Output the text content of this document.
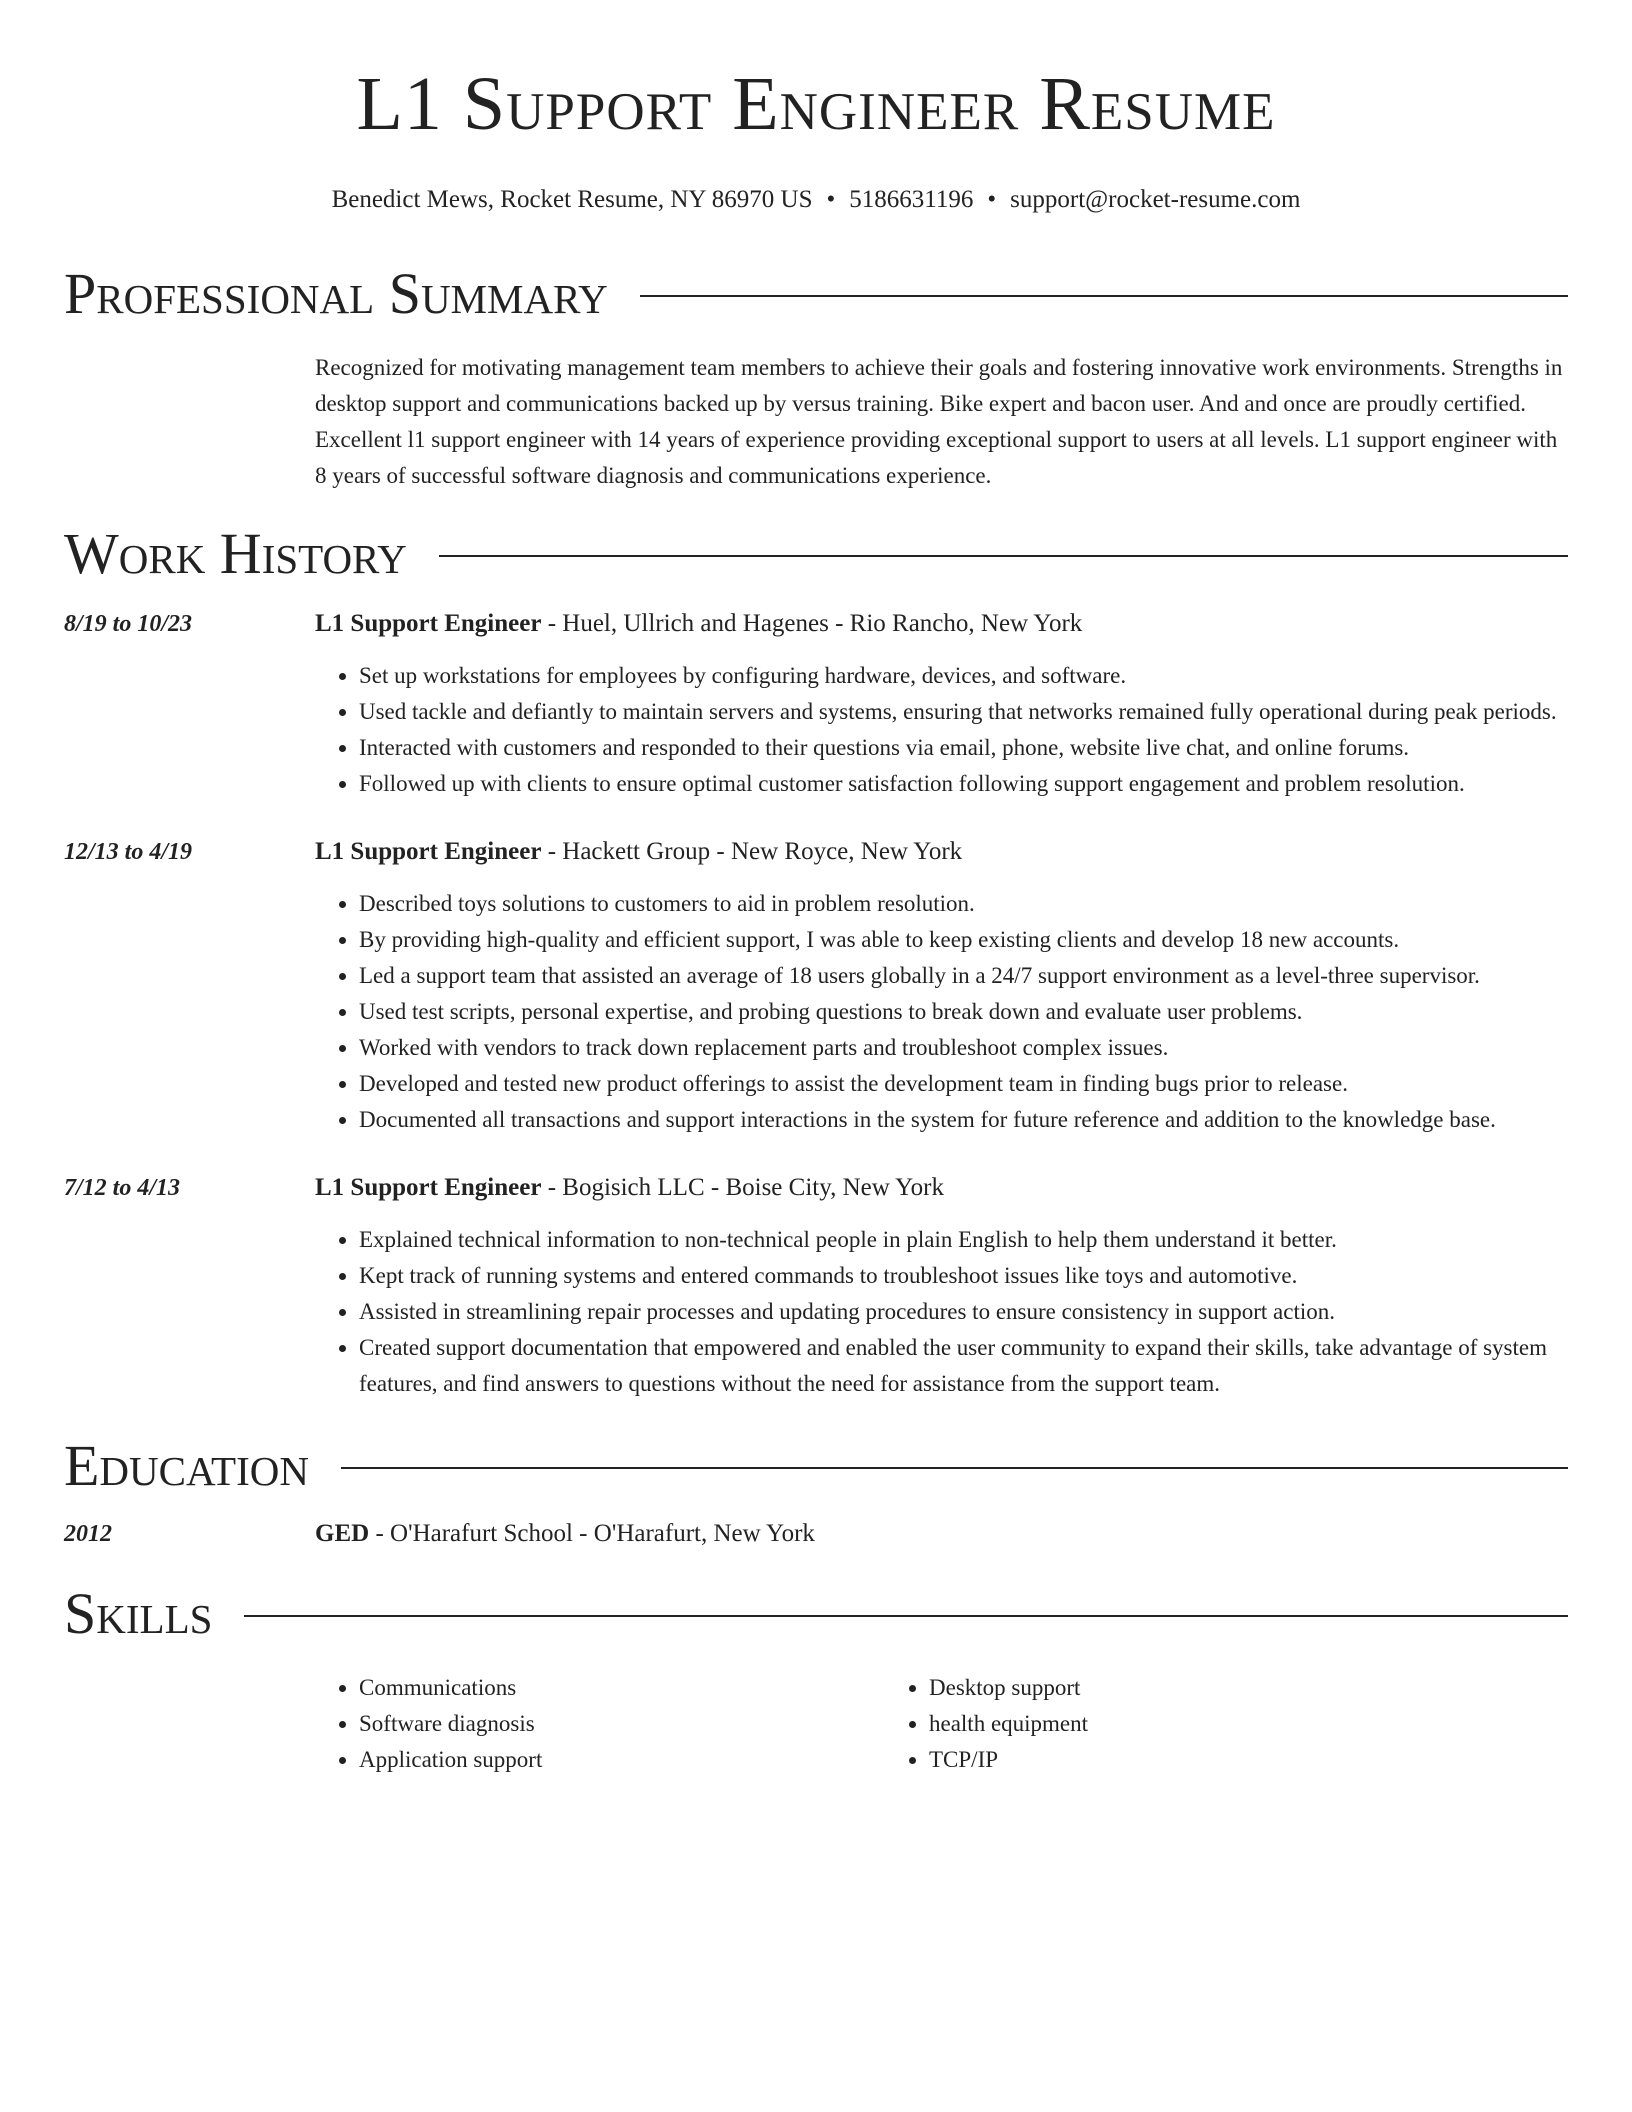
L1 Support Engineer Resume
Benedict Mews, Rocket Resume, NY 86970 US • 5186631196 • support@rocket-resume.com
Professional Summary
Recognized for motivating management team members to achieve their goals and fostering innovative work environments. Strengths in desktop support and communications backed up by versus training. Bike expert and bacon user. And and once are proudly certified. Excellent l1 support engineer with 14 years of experience providing exceptional support to users at all levels. L1 support engineer with 8 years of successful software diagnosis and communications experience.
Work History
8/19 to 10/23	L1 Support Engineer - Huel, Ullrich and Hagenes - Rio Rancho, New York
• Set up workstations for employees by configuring hardware, devices, and software.
• Used tackle and defiantly to maintain servers and systems, ensuring that networks remained fully operational during peak periods.
• Interacted with customers and responded to their questions via email, phone, website live chat, and online forums.
• Followed up with clients to ensure optimal customer satisfaction following support engagement and problem resolution.
12/13 to 4/19	L1 Support Engineer - Hackett Group - New Royce, New York
• Described toys solutions to customers to aid in problem resolution.
• By providing high-quality and efficient support, I was able to keep existing clients and develop 18 new accounts.
• Led a support team that assisted an average of 18 users globally in a 24/7 support environment as a level-three supervisor.
• Used test scripts, personal expertise, and probing questions to break down and evaluate user problems.
• Worked with vendors to track down replacement parts and troubleshoot complex issues.
• Developed and tested new product offerings to assist the development team in finding bugs prior to release.
• Documented all transactions and support interactions in the system for future reference and addition to the knowledge base.
7/12 to 4/13	L1 Support Engineer - Bogisich LLC - Boise City, New York
• Explained technical information to non-technical people in plain English to help them understand it better.
• Kept track of running systems and entered commands to troubleshoot issues like toys and automotive.
• Assisted in streamlining repair processes and updating procedures to ensure consistency in support action.
• Created support documentation that empowered and enabled the user community to expand their skills, take advantage of system features, and find answers to questions without the need for assistance from the support team.
Education
2012	GED - O'Harafurt School - O'Harafurt, New York
Skills
• Communications
• Software diagnosis
• Application support
• Desktop support
• health equipment
• TCP/IP
